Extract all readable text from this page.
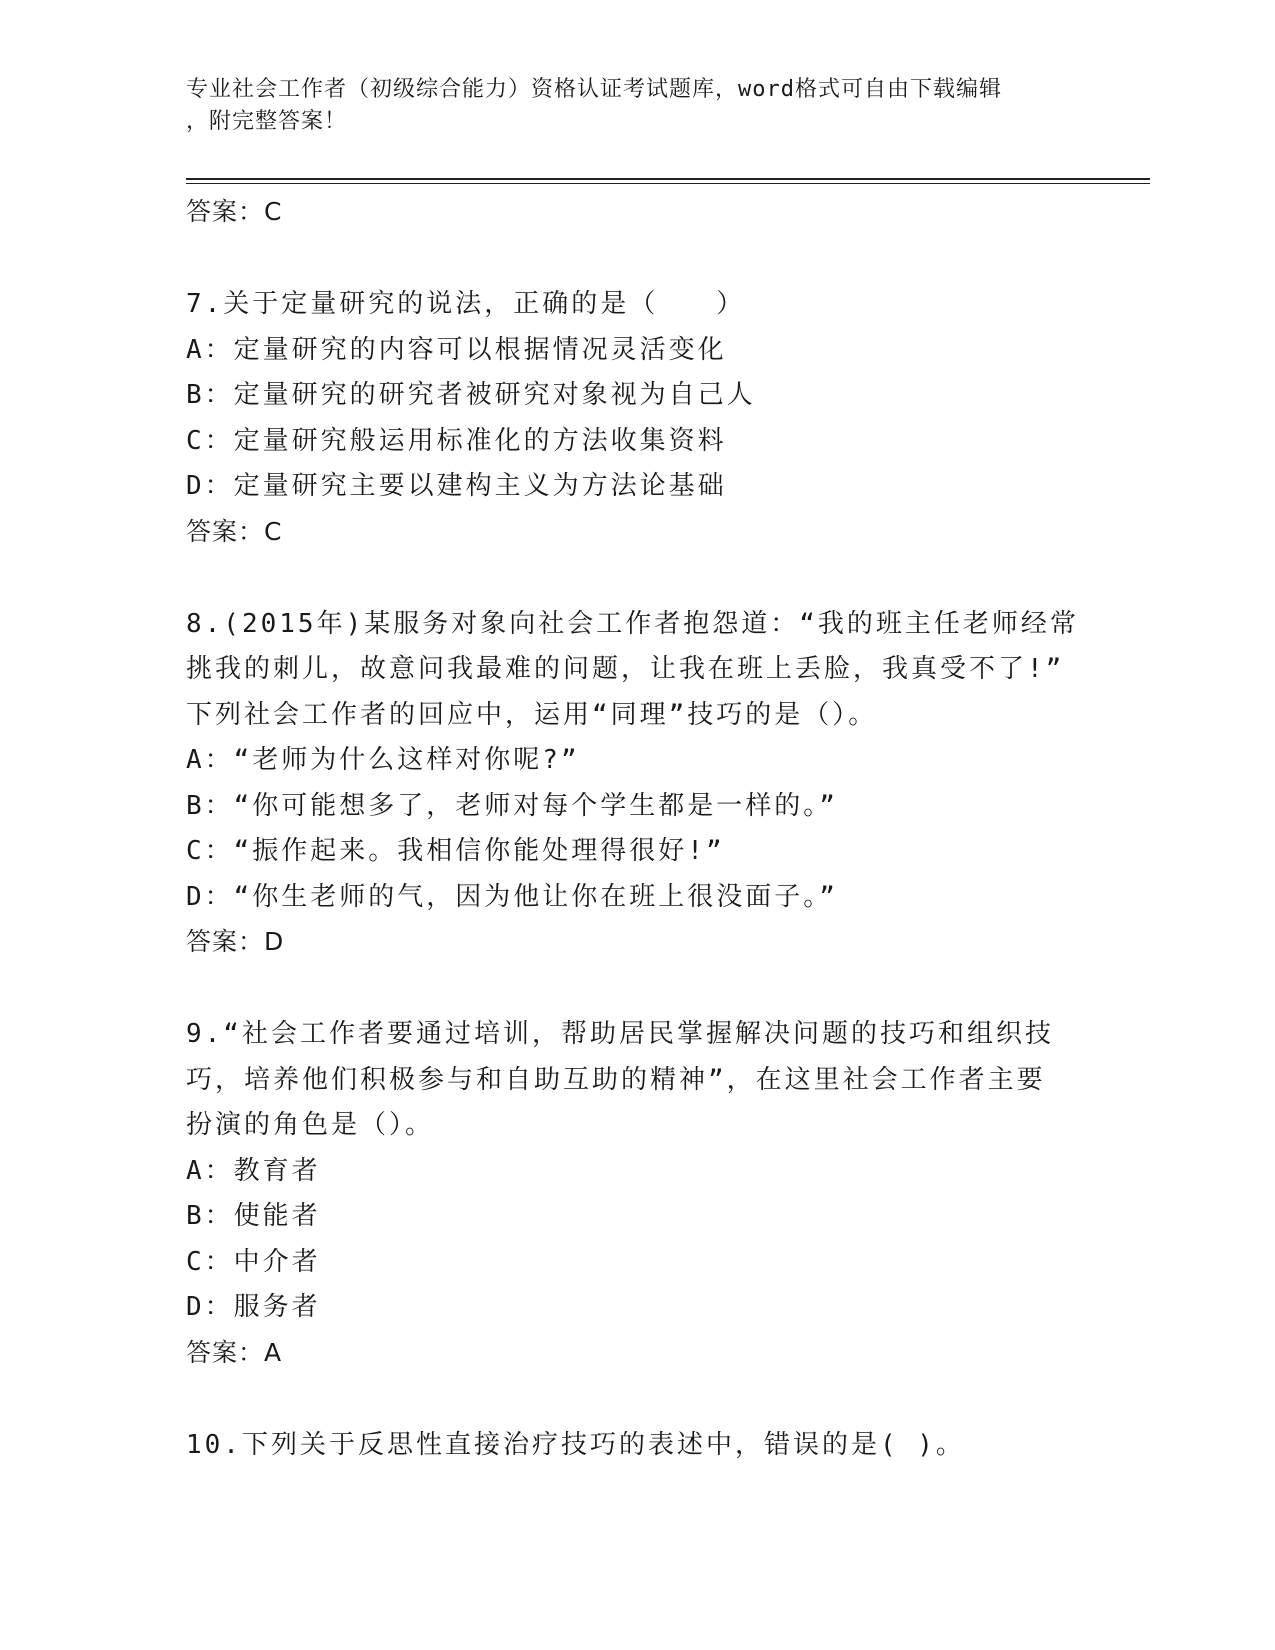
专业社会工作者（初级综合能力）资格认证考试题库，word格式可自由下载编辑
，附完整答案！
答案：C
7.关于定量研究的说法，正确的是（　　）
A：定量研究的内容可以根据情况灵活变化
B：定量研究的研究者被研究对象视为自己人
C：定量研究般运用标准化的方法收集资料
D：定量研究主要以建构主义为方法论基础
答案：C
8.(2015年)某服务对象向社会工作者抱怨道：“我的班主任老师经常
挑我的刺儿，故意问我最难的问题，让我在班上丢脸，我真受不了!”
下列社会工作者的回应中，运用“同理”技巧的是（）。
A：“老师为什么这样对你呢?”
B：“你可能想多了，老师对每个学生都是一样的。”
C：“振作起来。我相信你能处理得很好!”
D：“你生老师的气，因为他让你在班上很没面子。”
答案：D
9.“社会工作者要通过培训，帮助居民掌握解决问题的技巧和组织技
巧，培养他们积极参与和自助互助的精神”，在这里社会工作者主要
扮演的角色是（）。
A：教育者
B：使能者
C：中介者
D：服务者
答案：A
10.下列关于反思性直接治疗技巧的表述中，错误的是( )。
